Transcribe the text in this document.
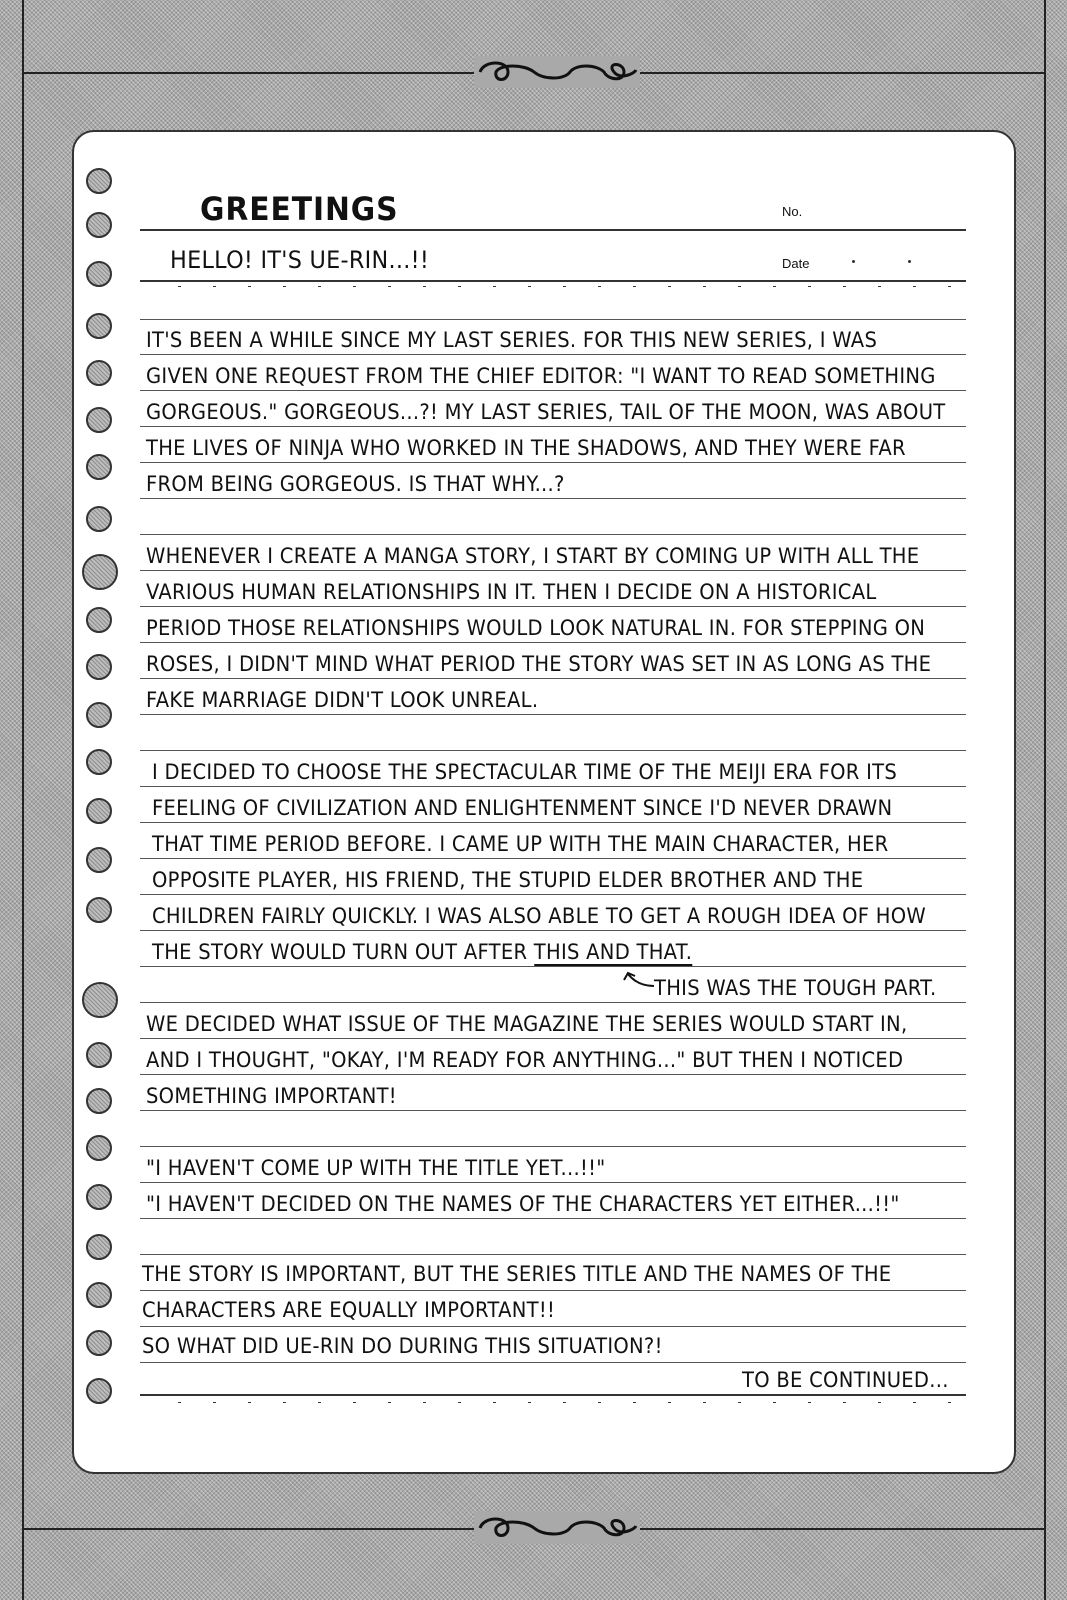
GREETINGS	No.
HELLO! IT'S UE-RIN...!!	Date
IT'S BEEN A WHILE SINCE MY LAST SERIES. FOR THIS NEW SERIES, I WAS
GIVEN ONE REQUEST FROM THE CHIEF EDITOR: "I WANT TO READ SOMETHING
GORGEOUS." GORGEOUS...?! MY LAST SERIES, TAIL OF THE MOON, WAS ABOUT
THE LIVES OF NINJA WHO WORKED IN THE SHADOWS, AND THEY WERE FAR
FROM BEING GORGEOUS. IS THAT WHY...?
WHENEVER I CREATE A MANGA STORY, I START BY COMING UP WITH ALL THE
VARIOUS HUMAN RELATIONSHIPS IN IT. THEN I DECIDE ON A HISTORICAL
PERIOD THOSE RELATIONSHIPS WOULD LOOK NATURAL IN. FOR STEPPING ON
ROSES, I DIDN'T MIND WHAT PERIOD THE STORY WAS SET IN AS LONG AS THE
FAKE MARRIAGE DIDN'T LOOK UNREAL.
I DECIDED TO CHOOSE THE SPECTACULAR TIME OF THE MEIJI ERA FOR ITS
FEELING OF CIVILIZATION AND ENLIGHTENMENT SINCE I'D NEVER DRAWN
THAT TIME PERIOD BEFORE. I CAME UP WITH THE MAIN CHARACTER, HER
OPPOSITE PLAYER, HIS FRIEND, THE STUPID ELDER BROTHER AND THE
CHILDREN FAIRLY QUICKLY. I WAS ALSO ABLE TO GET A ROUGH IDEA OF HOW
THE STORY WOULD TURN OUT AFTER THIS AND THAT.
THIS WAS THE TOUGH PART.
WE DECIDED WHAT ISSUE OF THE MAGAZINE THE SERIES WOULD START IN,
AND I THOUGHT, "OKAY, I'M READY FOR ANYTHING..." BUT THEN I NOTICED
SOMETHING IMPORTANT!
"I HAVEN'T COME UP WITH THE TITLE YET...!!"
"I HAVEN'T DECIDED ON THE NAMES OF THE CHARACTERS YET EITHER...!!"
THE STORY IS IMPORTANT, BUT THE SERIES TITLE AND THE NAMES OF THE
CHARACTERS ARE EQUALLY IMPORTANT!!
SO WHAT DID UE-RIN DO DURING THIS SITUATION?!
TO BE CONTINUED...
